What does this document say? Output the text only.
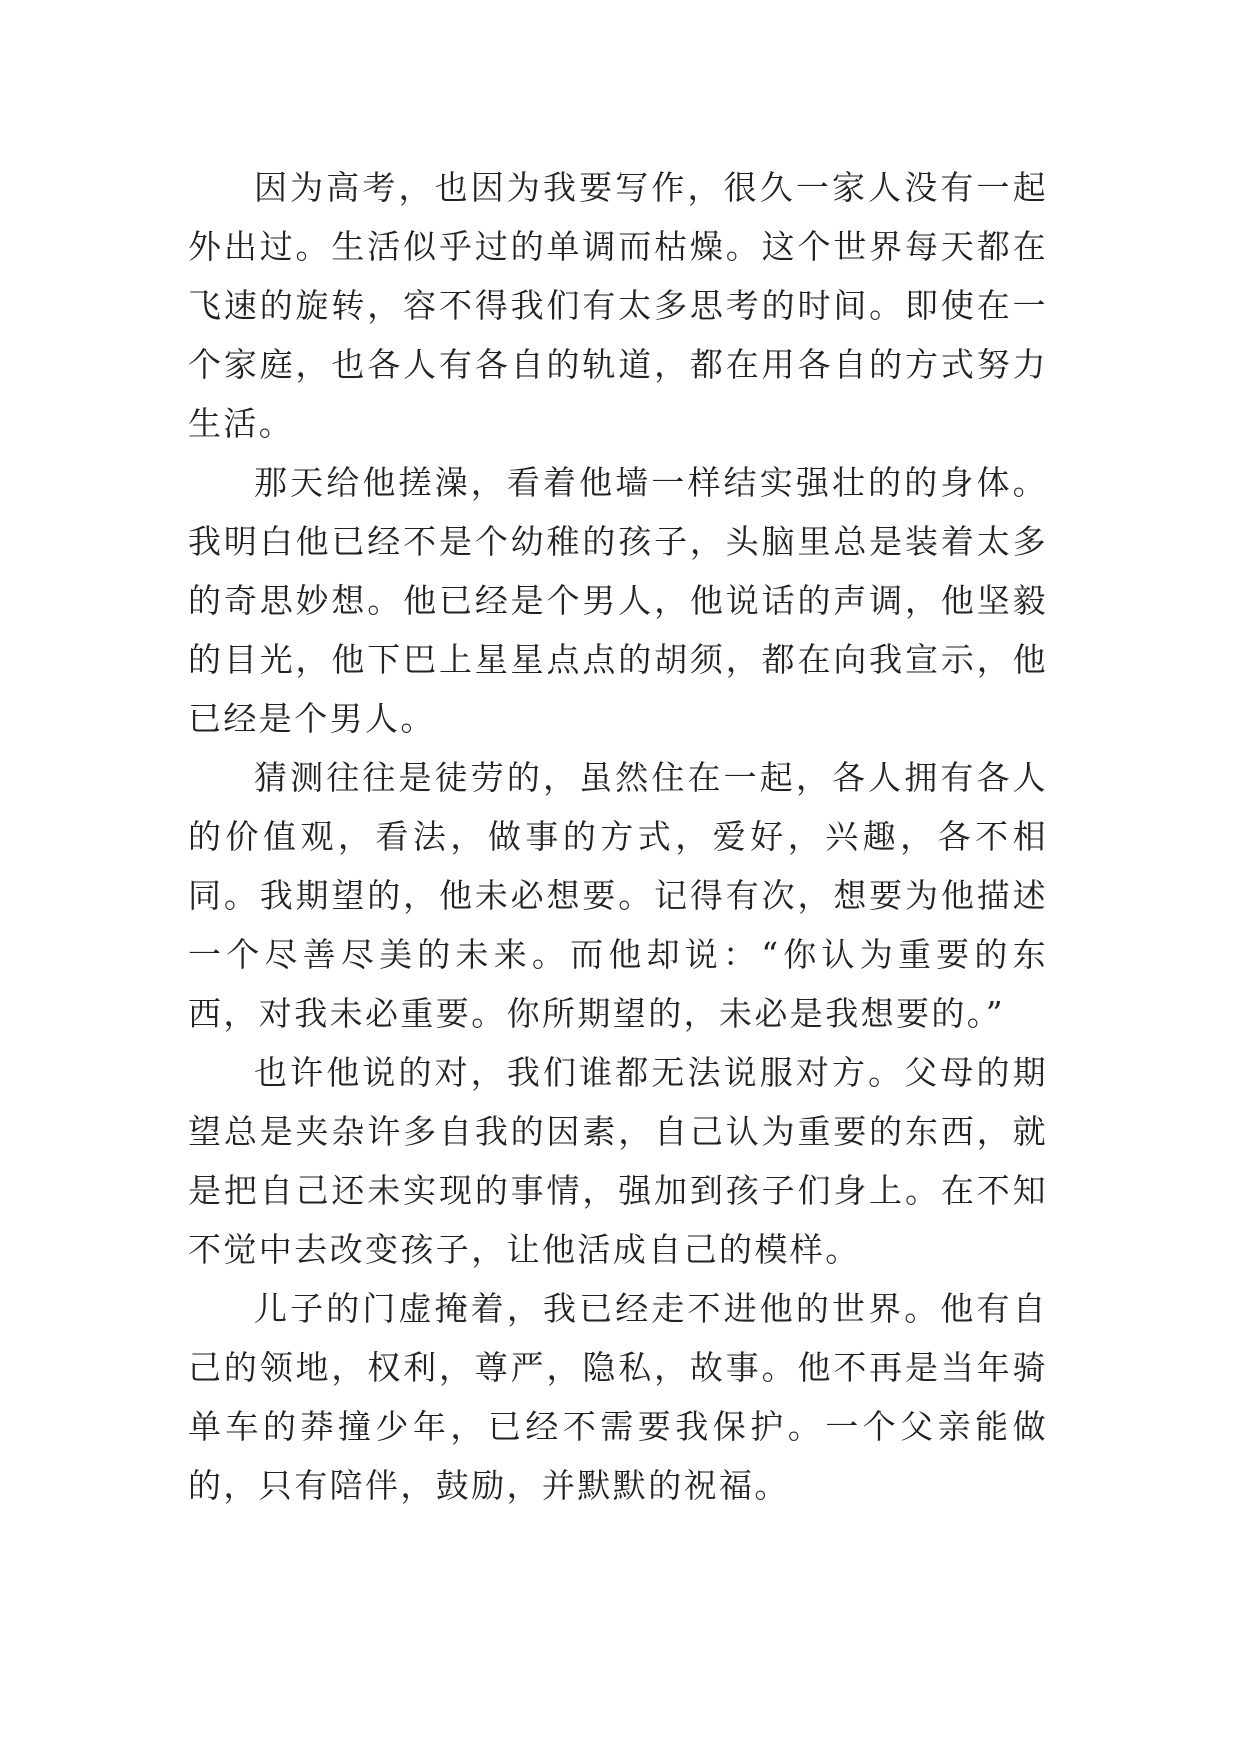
因为高考，也因为我要写作，很久一家人没有一起外出过。生活似乎过的单调而枯燥。这个世界每天都在飞速的旋转，容不得我们有太多思考的时间。即使在一个家庭，也各人有各自的轨道，都在用各自的方式努力生活。

那天给他搓澡，看着他墙一样结实强壮的的身体。我明白他已经不是个幼稚的孩子，头脑里总是装着太多的奇思妙想。他已经是个男人，他说话的声调，他坚毅的目光，他下巴上星星点点的胡须，都在向我宣示，他已经是个男人。

猜测往往是徒劳的，虽然住在一起，各人拥有各人的价值观，看法，做事的方式，爱好，兴趣，各不相同。我期望的，他未必想要。记得有次，想要为他描述一个尽善尽美的未来。而他却说：“你认为重要的东西，对我未必重要。你所期望的，未必是我想要的。”

也许他说的对，我们谁都无法说服对方。父母的期望总是夹杂许多自我的因素，自己认为重要的东西，就是把自己还未实现的事情，强加到孩子们身上。在不知不觉中去改变孩子，让他活成自己的模样。

儿子的门虚掩着，我已经走不进他的世界。他有自己的领地，权利，尊严，隐私，故事。他不再是当年骑单车的莽撞少年，已经不需要我保护。一个父亲能做的，只有陪伴，鼓励，并默默的祝福。
